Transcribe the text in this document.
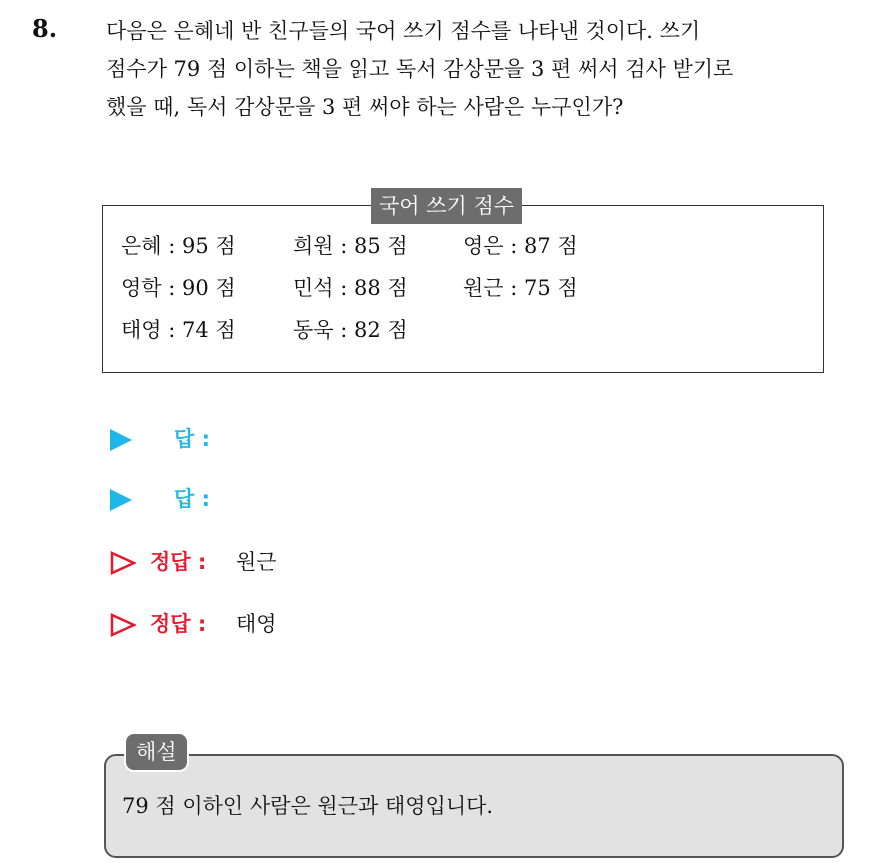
8. 다음은 은혜네 반 친구들의 국어 쓰기 점수를 나타낸 것이다. 쓰기
점수가 79 점 이하는 책을 읽고 독서 감상문을 3 편 써서 검사 받기로
했을 때, 독서 감상문을 3 편 써야 하는 사람은 누구인가?
국어 쓰기 점수
은혜 : 95 점	희원 : 85 점	영은 : 87 점
영학 : 90 점	민석 : 88 점	원근 : 75 점
태영 : 74 점	동욱 : 82 점
답 :
답 :
정답 : 원근
정답 : 태영
해설
79 점 이하인 사람은 원근과 태영입니다.
